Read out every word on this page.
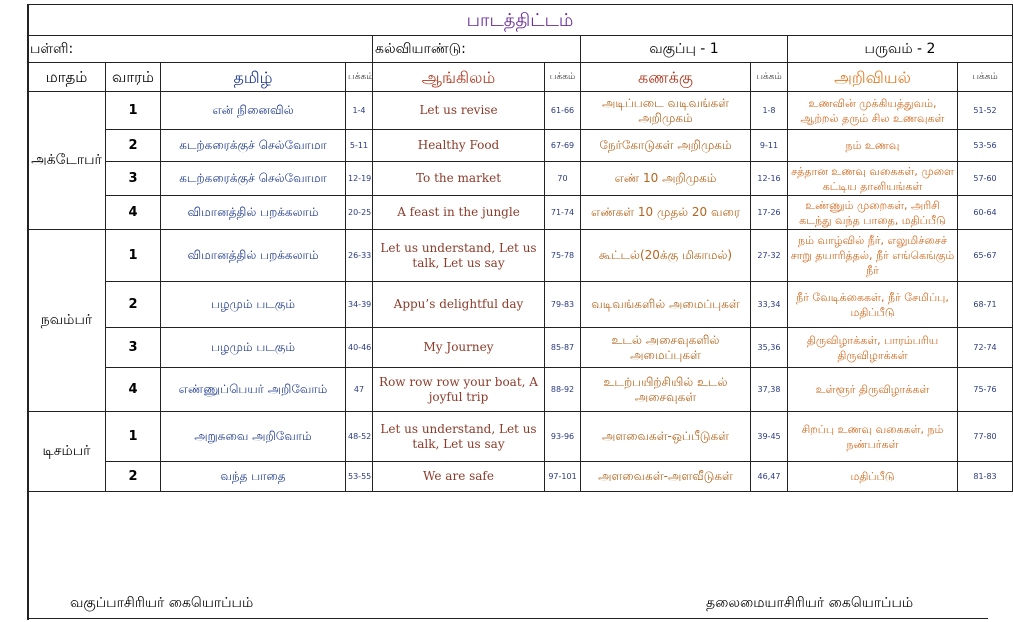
பாடத்திட்டம்									
பள்ளி:				கல்வியாண்டு:		வகுப்பு - 1		பருவம் - 2	
மாதம்	வாரம்	தமிழ்	பக்கம்	ஆங்கிலம்	பக்கம்	கணக்கு	பக்கம்	அறிவியல்	பக்கம்
அக்டோபர்	1	என் நினைவில்	1-4	Let us revise	61-66	அடிப்படை வடிவங்கள் அறிமுகம்	1-8	உணவின் முக்கியத்துவம், ஆற்றல் தரும் சில உணவுகள்	51-52
	2	கடற்கரைக்குச் செல்வோமா	5-11	Healthy Food	67-69	நேர்கோடுகள் அறிமுகம்	9-11	நம் உணவு	53-56
	3	கடற்கரைக்குச் செல்வோமா	12-19	To the market	70	எண் 10 அறிமுகம்	12-16	சத்தான உணவு வகைகள், முளை கட்டிய தானியங்கள்	57-60
	4	விமானத்தில் பறக்கலாம்	20-25	A feast in the jungle	71-74	எண்கள் 10 முதல் 20 வரை	17-26	உண்ணும் முறைகள், அரிசி கடந்து வந்த பாதை, மதிப்பீடு	60-64
நவம்பர்	1	விமானத்தில் பறக்கலாம்	26-33	Let us understand, Let us talk, Let us say	75-78	கூட்டல்(20க்கு மிகாமல்)	27-32	நம் வாழ்வில் நீர், எலுமிச்சைச் சாறு தயாரித்தல், நீர் எங்கெங்கும் நீர்	65-67
	2	பழமும் படகும்	34-39	Appu’s delightful day	79-83	வடிவங்களில் அமைப்புகள்	33,34	நீர் வேடிக்கைகள், நீர் சேமிப்பு, மதிப்பீடு	68-71
	3	பழமும் படகும்	40-46	My Journey	85-87	உடல் அசைவுகளில் அமைப்புகள்	35,36	திருவிழாக்கள், பாரம்பரிய திருவிழாக்கள்	72-74
	4	எண்ணுப்பெயர் அறிவோம்	47	Row row row your boat, A joyful trip	88-92	உடற்பயிற்சியில் உடல் அசைவுகள்	37,38	உள்ளூர் திருவிழாக்கள்	75-76
டிசம்பர்	1	அறுசுவை அறிவோம்	48-52	Let us understand, Let us talk, Let us say	93-96	அளவைகள்-ஒப்பீடுகள்	39-45	சிறப்பு உணவு வகைகள், நம் நண்பர்கள்	77-80
	2	வந்த பாதை	53-55	We are safe	97-101	அளவைகள்-அளவீடுகள்	46,47	மதிப்பீடு	81-83
வகுப்பாசிரியர் கையொப்பம்	தலைமையாசிரியர் கையொப்பம்
